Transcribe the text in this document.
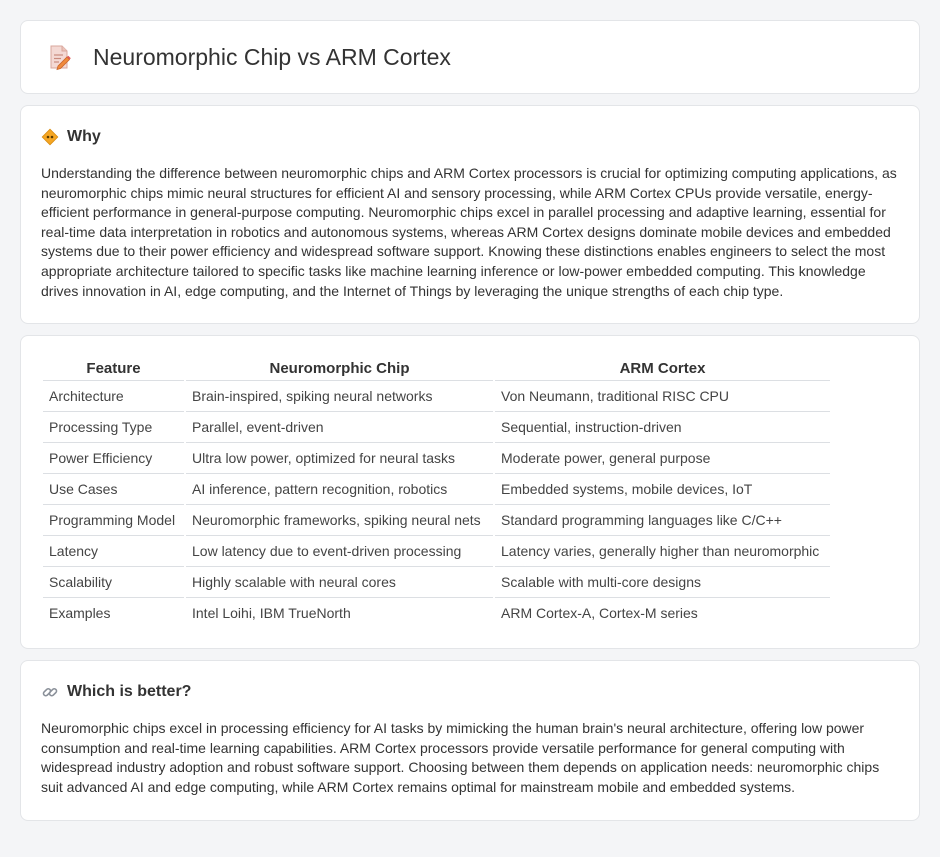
Neuromorphic Chip vs ARM Cortex
Why

Understanding the difference between neuromorphic chips and ARM Cortex processors is crucial for optimizing computing applications, as neuromorphic chips mimic neural structures for efficient AI and sensory processing, while ARM Cortex CPUs provide versatile, energy-efficient performance in general-purpose computing. Neuromorphic chips excel in parallel processing and adaptive learning, essential for real-time data interpretation in robotics and autonomous systems, whereas ARM Cortex designs dominate mobile devices and embedded systems due to their power efficiency and widespread software support. Knowing these distinctions enables engineers to select the most appropriate architecture tailored to specific tasks like machine learning inference or low-power embedded computing. This knowledge drives innovation in AI, edge computing, and the Internet of Things by leveraging the unique strengths of each chip type.

Feature	Neuromorphic Chip	ARM Cortex
Architecture	Brain-inspired, spiking neural networks	Von Neumann, traditional RISC CPU
Processing Type	Parallel, event-driven	Sequential, instruction-driven
Power Efficiency	Ultra low power, optimized for neural tasks	Moderate power, general purpose
Use Cases	AI inference, pattern recognition, robotics	Embedded systems, mobile devices, IoT
Programming Model	Neuromorphic frameworks, spiking neural nets	Standard programming languages like C/C++
Latency	Low latency due to event-driven processing	Latency varies, generally higher than neuromorphic
Scalability	Highly scalable with neural cores	Scalable with multi-core designs
Examples	Intel Loihi, IBM TrueNorth	ARM Cortex-A, Cortex-M series
Which is better?

Neuromorphic chips excel in processing efficiency for AI tasks by mimicking the human brain's neural architecture, offering low power consumption and real-time learning capabilities. ARM Cortex processors provide versatile performance for general computing with widespread industry adoption and robust software support. Choosing between them depends on application needs: neuromorphic chips suit advanced AI and edge computing, while ARM Cortex remains optimal for mainstream mobile and embedded systems.
